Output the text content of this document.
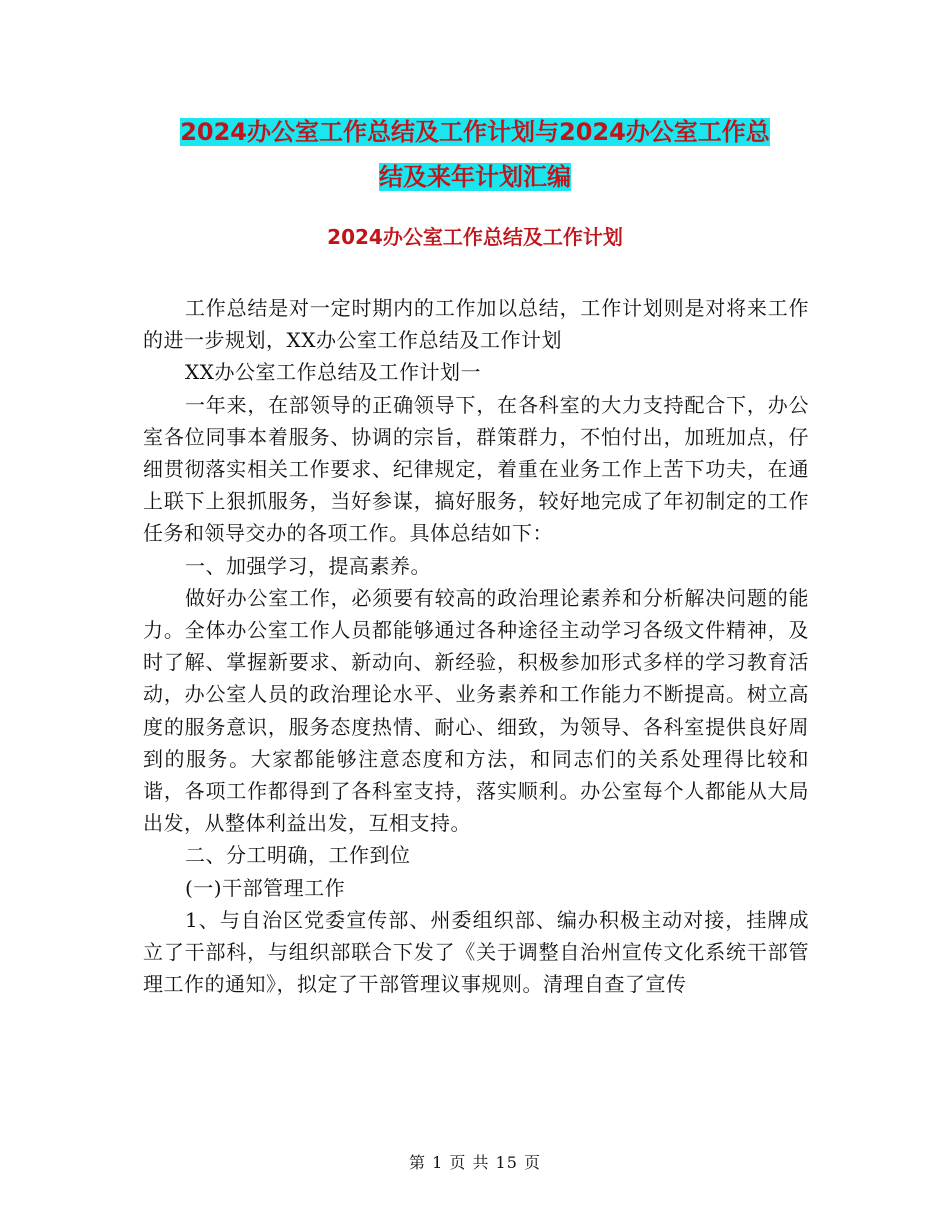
2024办公室工作总结及工作计划与2024办公室工作总
结及来年计划汇编
2024办公室工作总结及工作计划

工作总结是对一定时期内的工作加以总结，工作计划则是对将来工作的进一步规划，XX办公室工作总结及工作计划

XX办公室工作总结及工作计划一

一年来，在部领导的正确领导下，在各科室的大力支持配合下，办公室各位同事本着服务、协调的宗旨，群策群力，不怕付出，加班加点，仔细贯彻落实相关工作要求、纪律规定，着重在业务工作上苦下功夫，在通上联下上狠抓服务，当好参谋，搞好服务，较好地完成了年初制定的工作任务和领导交办的各项工作。具体总结如下：

一、加强学习，提高素养。

做好办公室工作，必须要有较高的政治理论素养和分析解决问题的能力。全体办公室工作人员都能够通过各种途径主动学习各级文件精神，及时了解、掌握新要求、新动向、新经验，积极参加形式多样的学习教育活动，办公室人员的政治理论水平、业务素养和工作能力不断提高。树立高度的服务意识，服务态度热情、耐心、细致，为领导、各科室提供良好周到的服务。大家都能够注意态度和方法，和同志们的关系处理得比较和谐，各项工作都得到了各科室支持，落实顺利。办公室每个人都能从大局出发，从整体利益出发，互相支持。

二、分工明确，工作到位

(一)干部管理工作

1、与自治区党委宣传部、州委组织部、编办积极主动对接，挂牌成立了干部科，与组织部联合下发了《关于调整自治州宣传文化系统干部管理工作的通知》，拟定了干部管理议事规则。清理自查了宣传

第 1 页 共 15 页
